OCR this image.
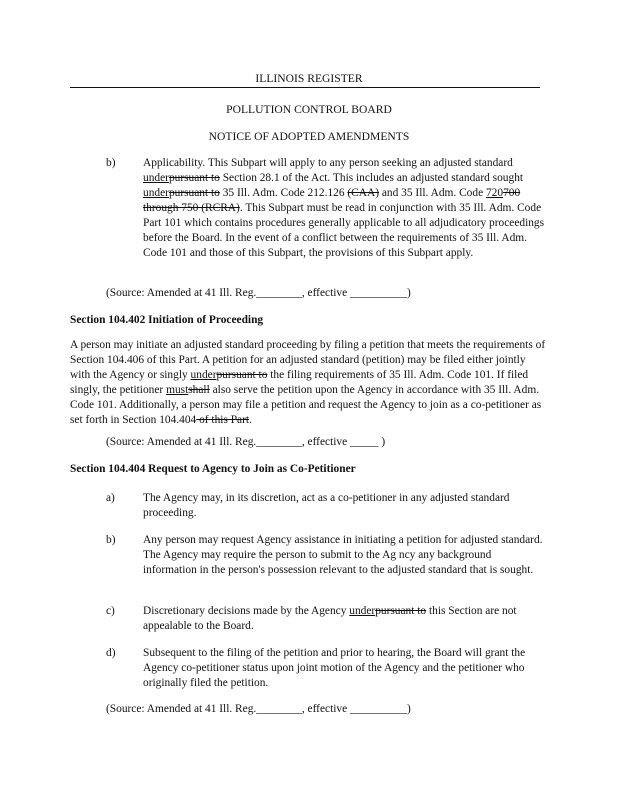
ILLINOIS REGISTER
POLLUTION CONTROL BOARD
NOTICE OF ADOPTED AMENDMENTS
b) Applicability. This Subpart will apply to any person seeking an adjusted standard underpursuant to Section 28.1 of the Act. This includes an adjusted standard sought underpursuant to 35 Ill. Adm. Code 212.126 (CAA) and 35 Ill. Adm. Code 720700 through 750 (RCRA). This Subpart must be read in conjunction with 35 Ill. Adm. Code Part 101 which contains procedures generally applicable to all adjudicatory proceedings before the Board. In the event of a conflict between the requirements of 35 Ill. Adm. Code 101 and those of this Subpart, the provisions of this Subpart apply.

(Source: Amended at 41 Ill. Reg.________, effective __________)
Section 104.402 Initiation of Proceeding

A person may initiate an adjusted standard proceeding by filing a petition that meets the requirements of Section 104.406 of this Part. A petition for an adjusted standard (petition) may be filed either jointly with the Agency or singly underpursuant to the filing requirements of 35 Ill. Adm. Code 101. If filed singly, the petitioner mustshall also serve the petition upon the Agency in accordance with 35 Ill. Adm. Code 101. Additionally, a person may file a petition and request the Agency to join as a co-petitioner as set forth in Section 104.404 of this Part.

(Source: Amended at 41 Ill. Reg.________, effective _____ )
Section 104.404 Request to Agency to Join as Co-Petitioner
a) The Agency may, in its discretion, act as a co-petitioner in any adjusted standard proceeding.

b) Any person may request Agency assistance in initiating a petition for adjusted standard. The Agency may require the person to submit to the Ag ncy any background information in the person's possession relevant to the adjusted standard that is sought.

c) Discretionary decisions made by the Agency underpursuant to this Section are not appealable to the Board.

d) Subsequent to the filing of the petition and prior to hearing, the Board will grant the Agency co-petitioner status upon joint motion of the Agency and the petitioner who originally filed the petition.

(Source: Amended at 41 Ill. Reg.________, effective __________)
